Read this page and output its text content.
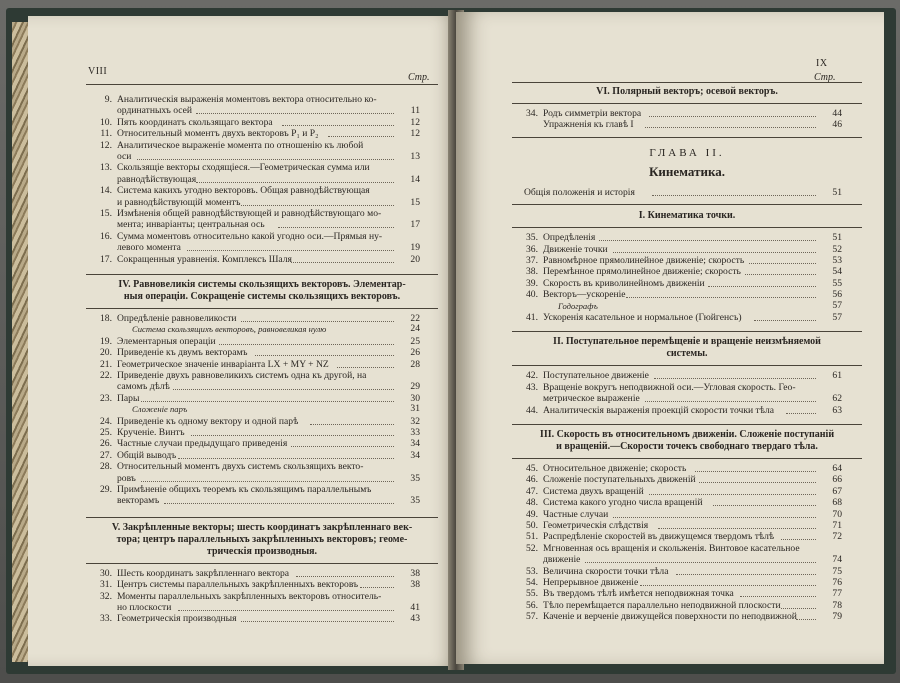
VIII
Стр.
9. Аналитическія выраженія моментовъ вектора относительно ко-
ординатныхъ осей	11
10. Пять координатъ скользящаго вектора	12
11. Относительный моментъ двухъ векторовъ P₁ и P₂	12
12. Аналитическое выраженіе момента по отношенію къ любой
оси	13
13. Скользящіе векторы сходящіеся.—Геометрическая сумма или
равнодѣйствующая	14
14. Система какихъ угодно векторовъ. Общая равнодѣйствующая
и равнодѣйствующій моментъ	15
15. Измѣненія общей равнодѣйствующей и равнодѣйствующаго мо-
мента; инваріанты; центральная ось	17
16. Сумма моментовъ относительно какой угодно оси.—Прямыя ну-
левого момента	19
17. Сокращенныя уравненія. Комплексъ Шаля	20
IV. Равновеликія системы скользящихъ векторовъ. Элементар-
ныя операціи. Сокращеніе системы скользящихъ векторовъ.
18. Опредѣленіе равновеликости	22
Система скользящихъ векторовъ, равновеликая нулю	24
19. Элементарныя операціи	25
20. Приведеніе къ двумъ векторамъ	26
21. Геометрическое значеніе инваріанта LX + MY + NZ	28
22. Приведеніе двухъ равновеликихъ системъ одна къ другой, на
самомъ дѣлѣ	29
23. Пары	30
Сложеніе паръ	31
24. Приведеніе къ одному вектору и одной парѣ	32
25. Крученіе. Винтъ	33
26. Частные случаи предыдущаго приведенія	34
27. Общій выводъ	34
28. Относительный моментъ двухъ системъ скользящихъ векто-
ровъ	35
29. Примѣненіе общихъ теоремъ къ скользящимъ параллельнымъ
векторамъ	35
V. Закрѣпленные векторы; шесть координатъ закрѣпленнаго век-
тора; центръ параллельныхъ закрѣпленныхъ векторовъ; геоме-
трическія производныя.
30. Шесть координатъ закрѣпленнаго вектора	38
31. Центръ системы параллельныхъ закрѣпленныхъ векторовъ	38
32. Моменты параллельныхъ закрѣпленныхъ векторовъ относитель-
но плоскости	41
33. Геометрическія производныя	43
IX
Стр.
VI. Полярный векторъ; осевой векторъ.
34. Родъ симметріи вектора	44
Упражненія къ главѣ I	46
ГЛАВА II.
Кинематика.
Общія положенія и исторія	51
I. Кинематика точки.
35. Опредѣленія	51
36. Движеніе точки	52
37. Равномѣрное прямолинейное движеніе; скорость	53
38. Перемѣнное прямолинейное движеніе; скорость	54
39. Скорость въ криволинейномъ движеніи	55
40. Векторъ—ускореніе	56
Годографъ	57
41. Ускоренія касательное и нормальное (Гюйгенсъ)	57
II. Поступательное перемѣщеніе и вращеніе неизмѣняемой
системы.
42. Поступательное движеніе	61
43. Вращеніе вокругъ неподвижной оси.—Угловая скорость. Гео-
метрическое выраженіе	62
44. Аналитическія выраженія проекцій скорости точки тѣла	63
III. Скорость въ относительномъ движеніи. Сложеніе поступаній
и вращеній.—Скорости точекъ свободнаго твердаго тѣла.
45. Относительное движеніе; скорость	64
46. Сложеніе поступательныхъ движеній	66
47. Система двухъ вращеній	67
48. Система какого угодно числа вращеній	68
49. Частные случаи	70
50. Геометрическія слѣдствія	71
51. Распредѣленіе скоростей въ движущемся твердомъ тѣлѣ	72
52. Мгновенная ось вращенія и скольженія. Винтовое касательное
движеніе	74
53. Величина скорости точки тѣла	75
54. Непрерывное движеніе	76
55. Въ твердомъ тѣлѣ имѣется неподвижная точка	77
56. Тѣло перемѣщается параллельно неподвижной плоскости	78
57. Каченіе и верченіе движущейся поверхности по неподвижной	79
